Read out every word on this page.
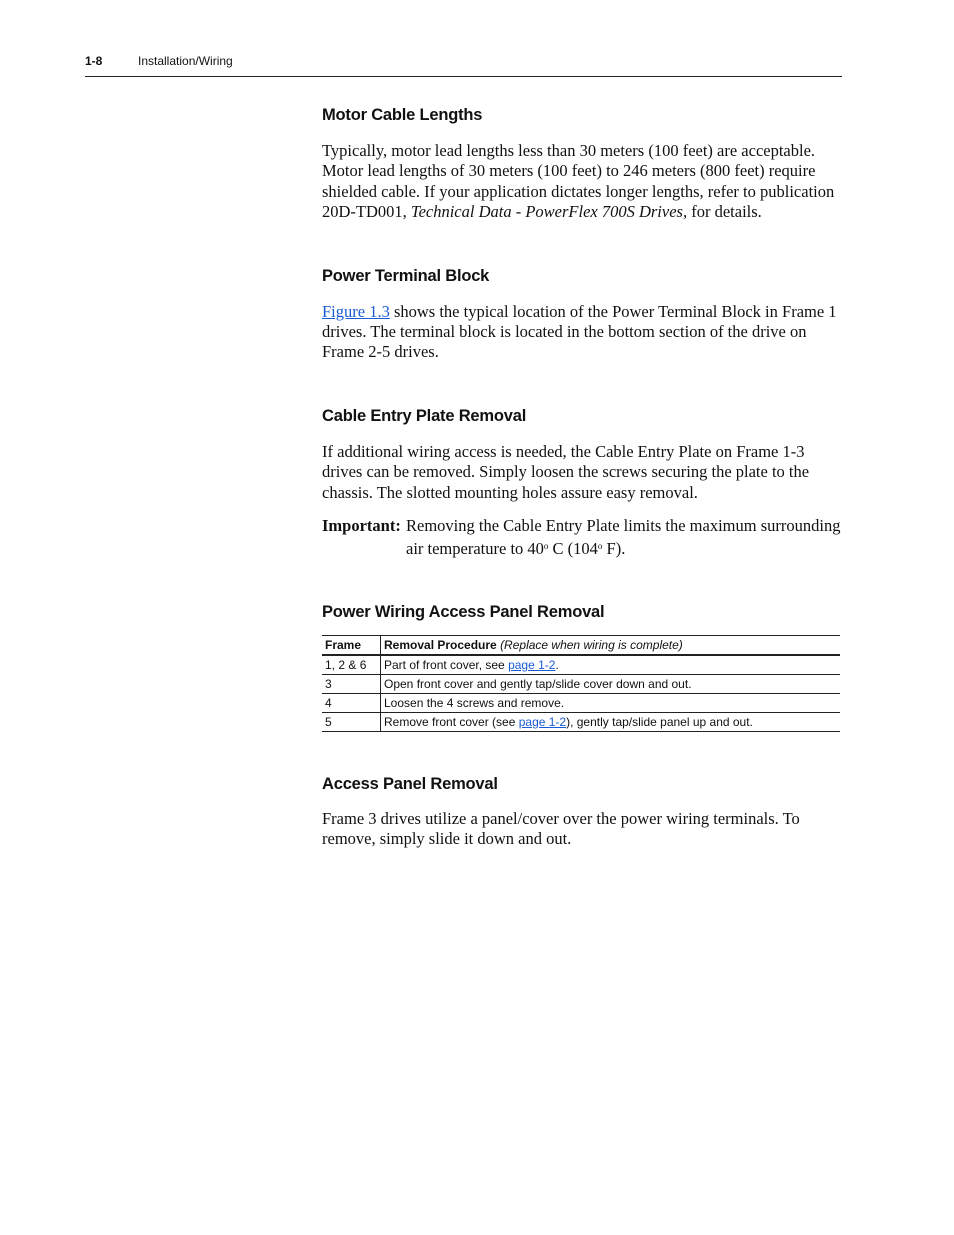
1-8	Installation/Wiring
Motor Cable Lengths

Typically, motor lead lengths less than 30 meters (100 feet) are acceptable. Motor lead lengths of 30 meters (100 feet) to 246 meters (800 feet) require shielded cable. If your application dictates longer lengths, refer to publication 20D-TD001, Technical Data - PowerFlex 700S Drives, for details.

Power Terminal Block

Figure 1.3 shows the typical location of the Power Terminal Block in Frame 1 drives. The terminal block is located in the bottom section of the drive on Frame 2-5 drives.

Cable Entry Plate Removal

If additional wiring access is needed, the Cable Entry Plate on Frame 1-3 drives can be removed. Simply loosen the screws securing the plate to the chassis. The slotted mounting holes assure easy removal.

Important: Removing the Cable Entry Plate limits the maximum surrounding air temperature to 40$^o$ C (104$^o$ F).
Power Wiring Access Panel Removal
Frame	Removal Procedure (Replace when wiring is complete)
1, 2 & 6	Part of front cover, see page 1-2.
3	Open front cover and gently tap/slide cover down and out.
4	Loosen the 4 screws and remove.
5	Remove front cover (see page 1-2), gently tap/slide panel up and out.
Access Panel Removal

Frame 3 drives utilize a panel/cover over the power wiring terminals. To remove, simply slide it down and out.
